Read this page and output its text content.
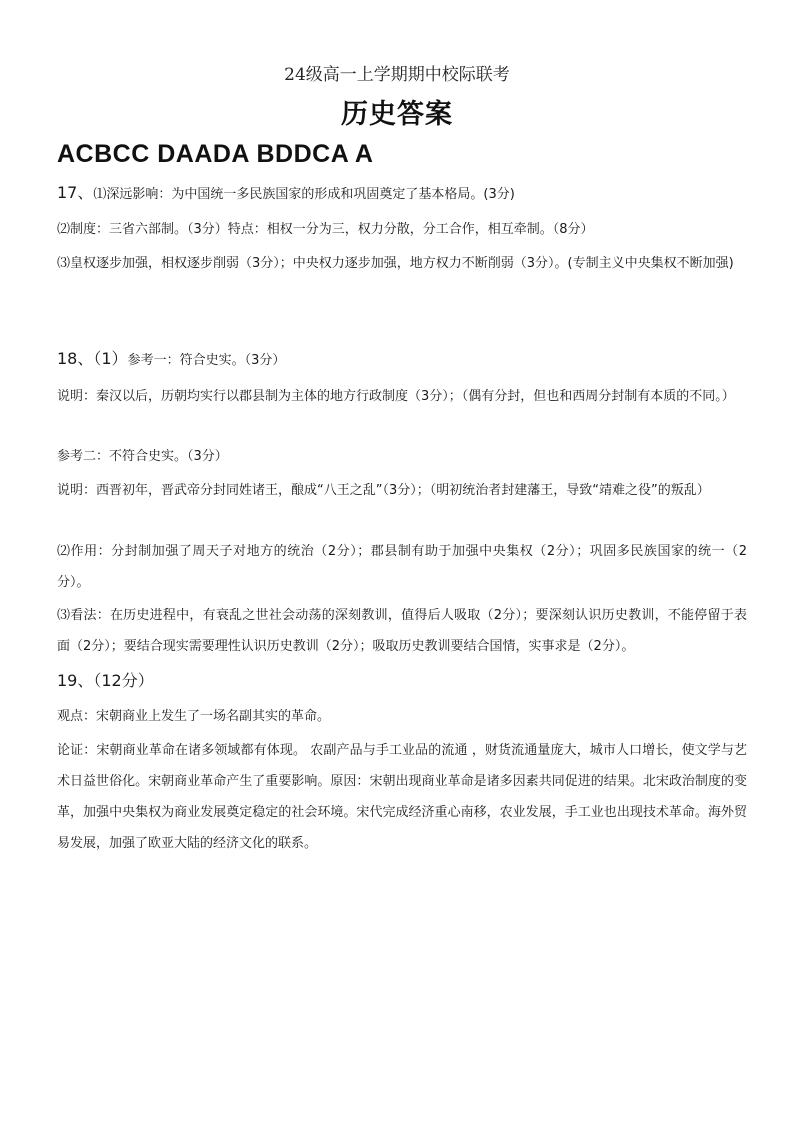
24级高一上学期期中校际联考
历史答案
ACBCC DAADA BDDCA A

17、⑴深远影响：为中国统一多民族国家的形成和巩固奠定了基本格局。(3分)

⑵制度：三省六部制。（3分）特点：相权一分为三，权力分散，分工合作，相互牵制。（8分）

⑶皇权逐步加强，相权逐步削弱（3分）；中央权力逐步加强，地方权力不断削弱（3分）。(专制主义中央集权不断加强)

18、（1）参考一：符合史实。（3分）

说明：秦汉以后，历朝均实行以郡县制为主体的地方行政制度（3分）；（偶有分封，但也和西周分封制有本质的不同。）

参考二：不符合史实。（3分）

说明：西晋初年，晋武帝分封同姓诸王，酿成“八王之乱”（3分）；（明初统治者封建藩王，导致“靖难之役”的叛乱）

⑵作用：分封制加强了周天子对地方的统治（2分）；郡县制有助于加强中央集权（2分）；巩固多民族国家的统一（2分）。

⑶看法：在历史进程中，有衰乱之世社会动荡的深刻教训，值得后人吸取（2分）；要深刻认识历史教训，不能停留于表面（2分）；要结合现实需要理性认识历史教训（2分）；吸取历史教训要结合国情，实事求是（2分）。

19、（12分）

观点：宋朝商业上发生了一场名副其实的革命。

论证：宋朝商业革命在诸多领域都有体现。 农副产品与手工业品的流通 ，财货流通量庞大，城市人口增长，使文学与艺术日益世俗化。宋朝商业革命产生了重要影响。原因：宋朝出现商业革命是诸多因素共同促进的结果。北宋政治制度的变革，加强中央集权为商业发展奠定稳定的社会环境。宋代完成经济重心南移，农业发展，手工业也出现技术革命。海外贸易发展，加强了欧亚大陆的经济文化的联系。
